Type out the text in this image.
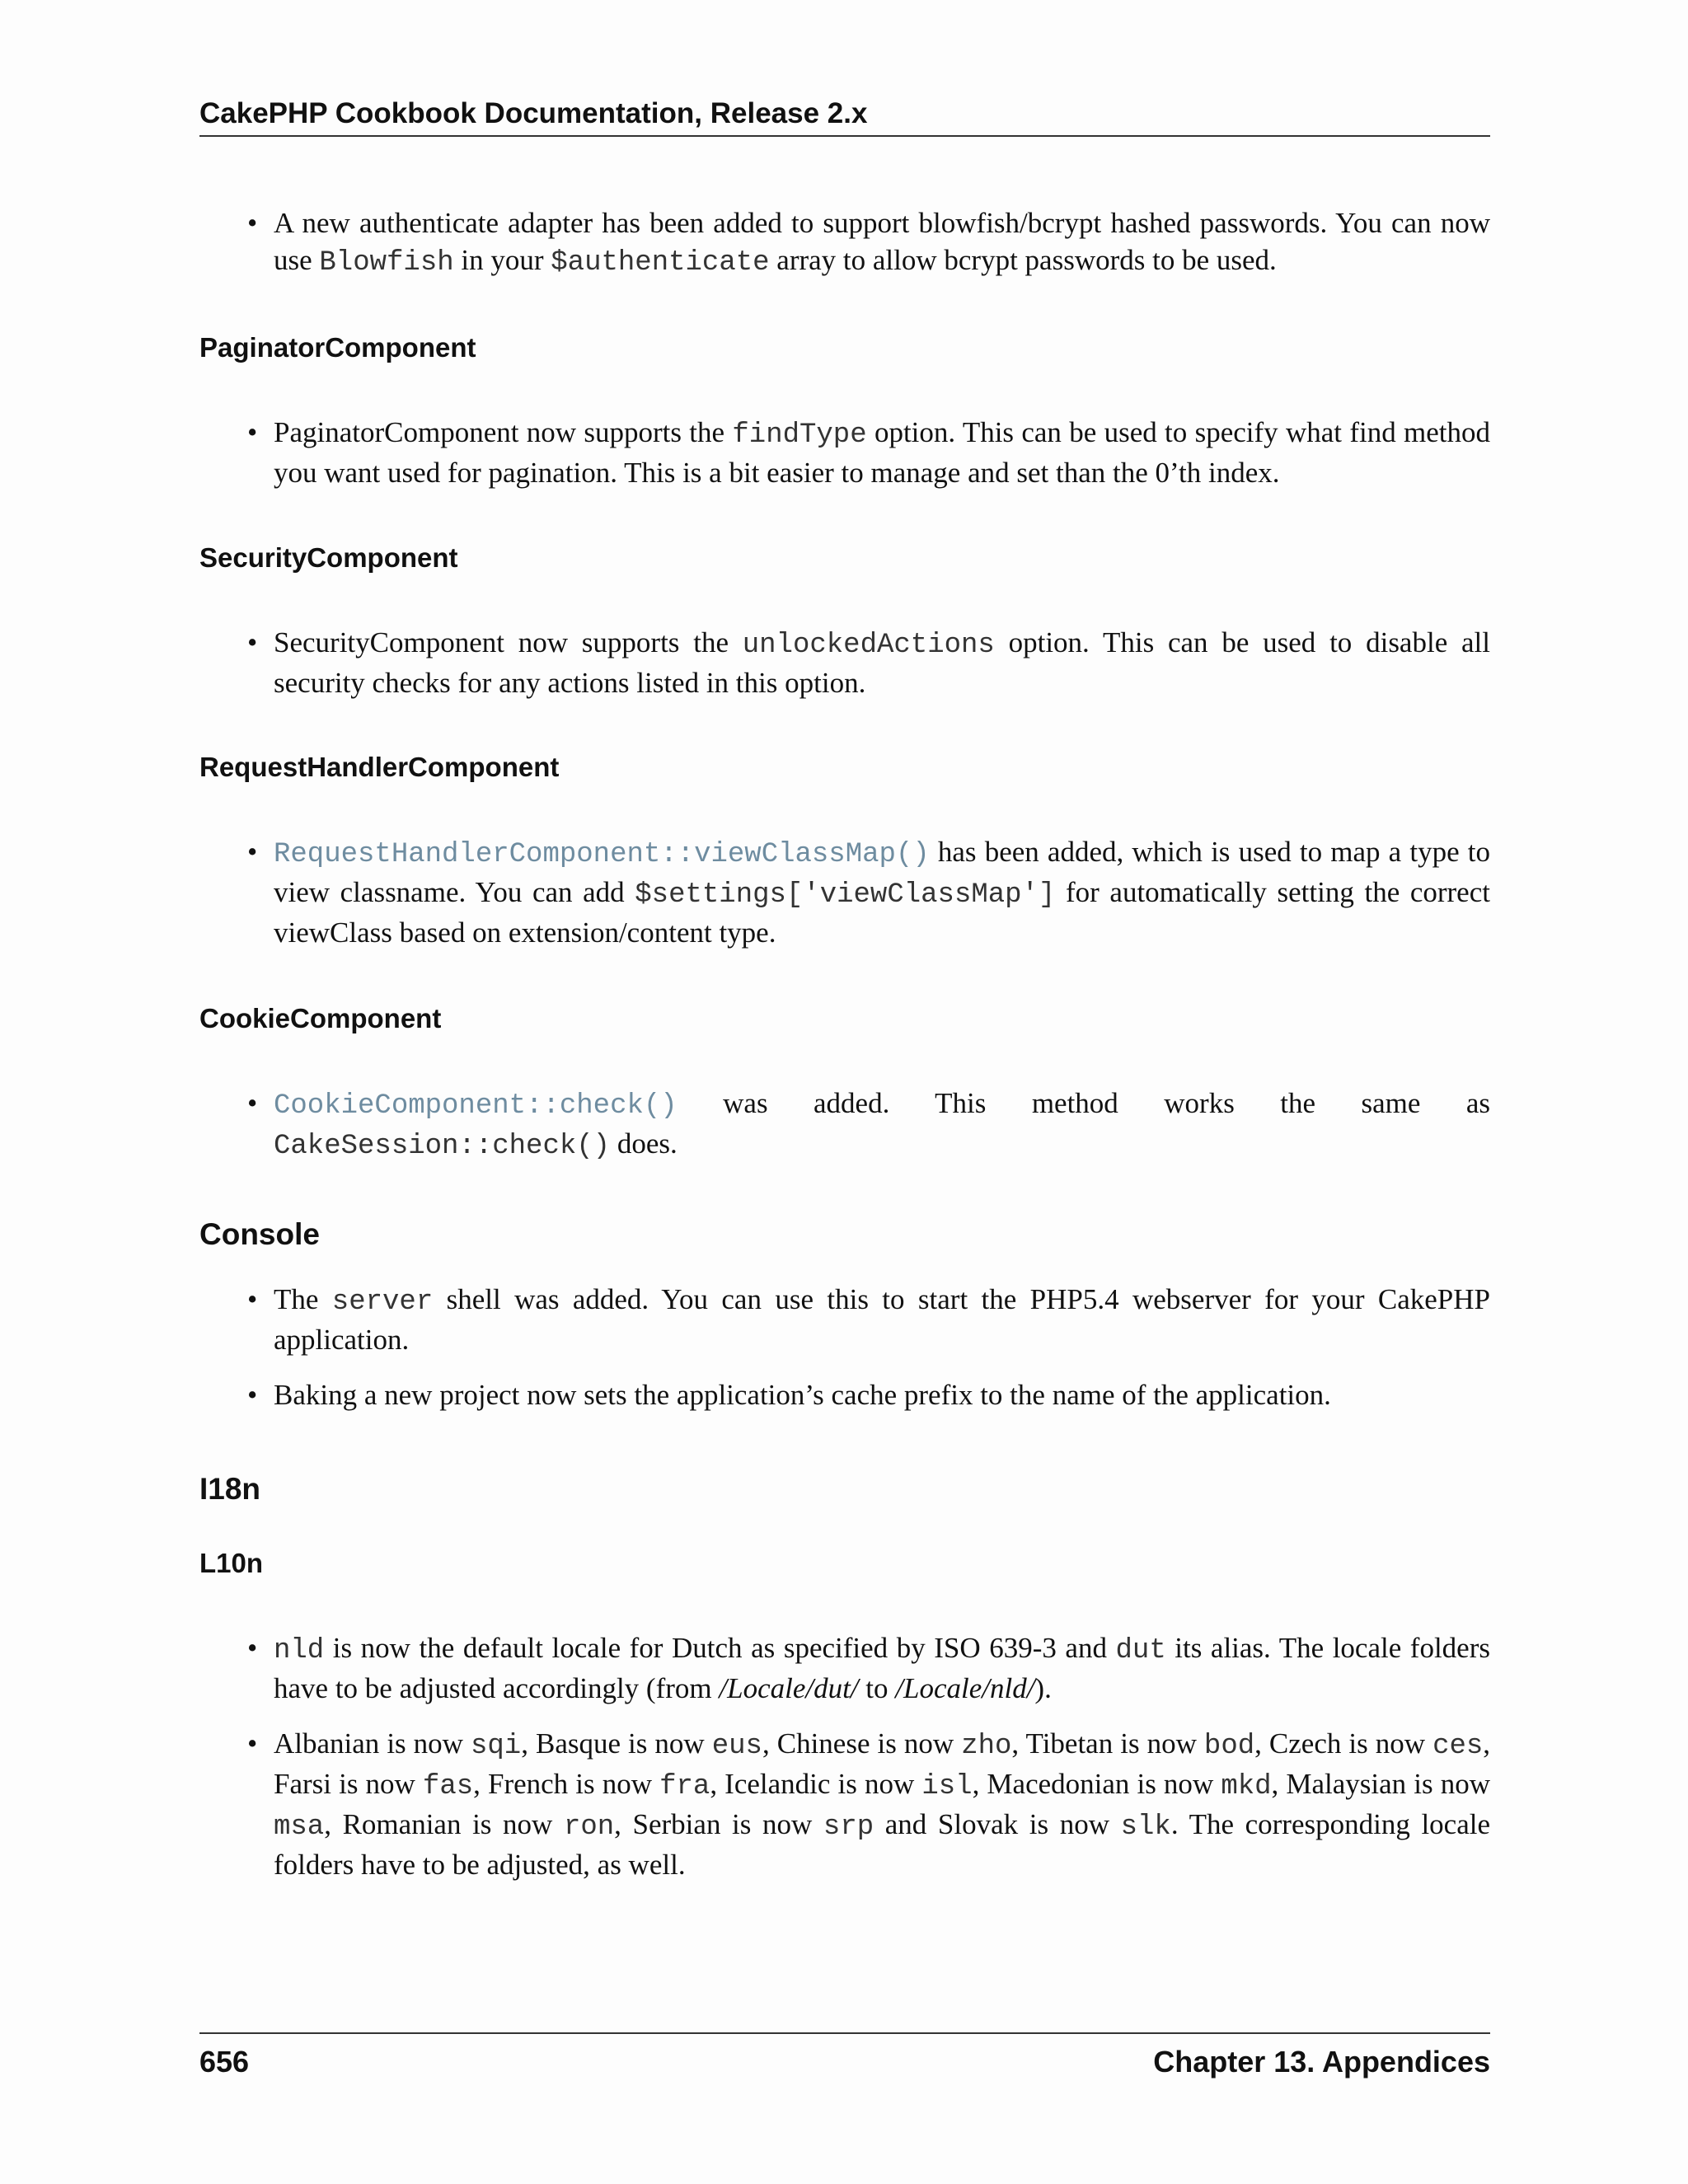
CakePHP Cookbook Documentation, Release 2.x
• A new authenticate adapter has been added to support blowfish/bcrypt hashed passwords. You can now use Blowfish in your $authenticate array to allow bcrypt passwords to be used.
PaginatorComponent
• PaginatorComponent now supports the findType option. This can be used to specify what find method you want used for pagination. This is a bit easier to manage and set than the 0’th index.
SecurityComponent
• SecurityComponent now supports the unlockedActions option. This can be used to disable all security checks for any actions listed in this option.
RequestHandlerComponent
• RequestHandlerComponent::viewClassMap() has been added, which is used to map a type to view classname. You can add $settings['viewClassMap'] for automatically setting the correct viewClass based on extension/content type.
CookieComponent
• CookieComponent::check() was added. This method works the same as CakeSession::check() does.
Console
• The server shell was added. You can use this to start the PHP5.4 webserver for your CakePHP application.
• Baking a new project now sets the application’s cache prefix to the name of the application.
I18n
L10n
• nld is now the default locale for Dutch as specified by ISO 639-3 and dut its alias. The locale folders have to be adjusted accordingly (from /Locale/dut/ to /Locale/nld/).
• Albanian is now sqi, Basque is now eus, Chinese is now zho, Tibetan is now bod, Czech is now ces, Farsi is now fas, French is now fra, Icelandic is now isl, Macedonian is now mkd, Malaysian is now msa, Romanian is now ron, Serbian is now srp and Slovak is now slk. The corresponding locale folders have to be adjusted, as well.
656	Chapter 13. Appendices
